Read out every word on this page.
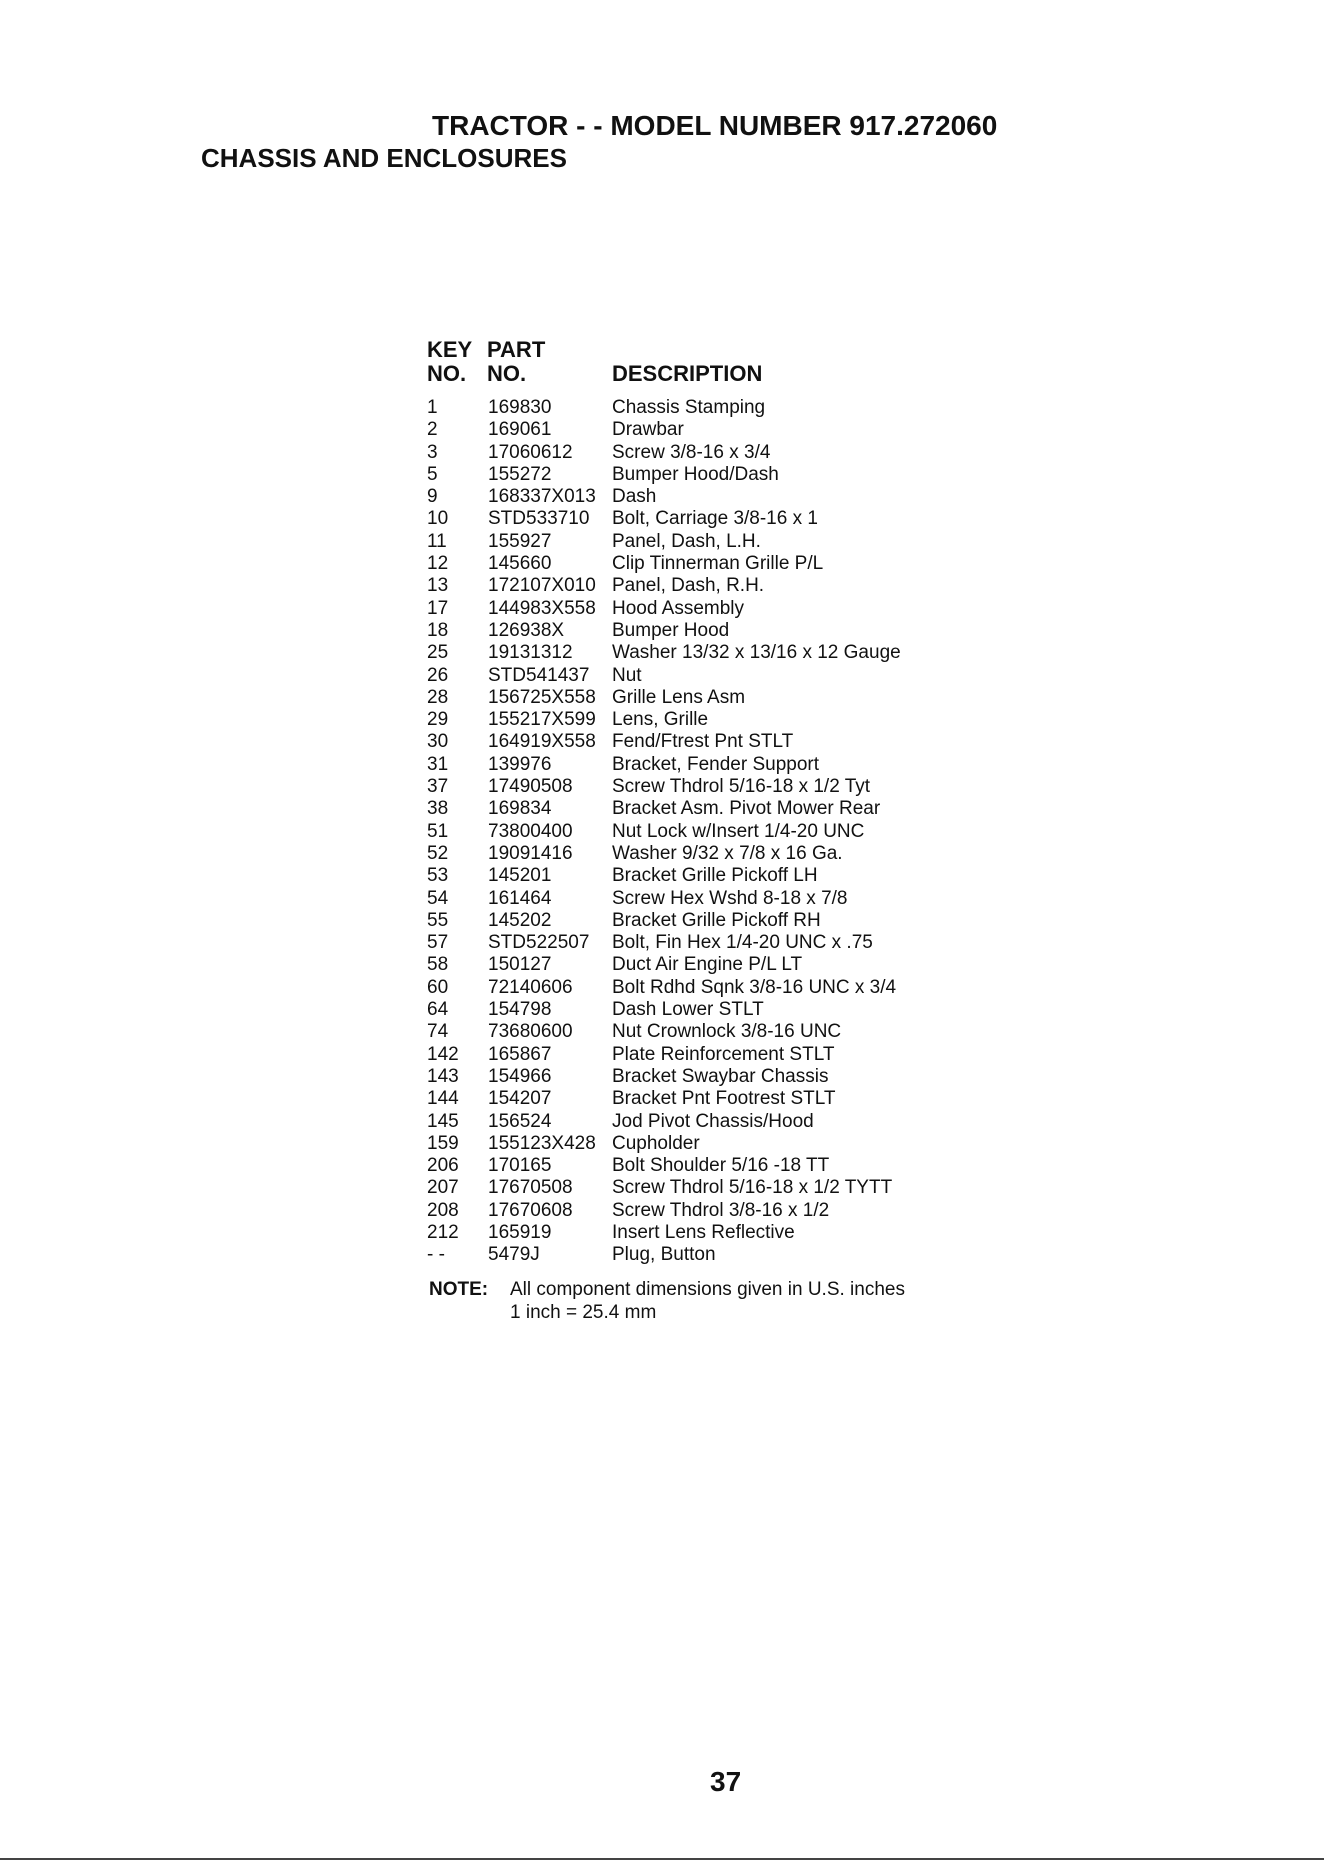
TRACTOR - - MODEL NUMBER 917.272060
CHASSIS AND ENCLOSURES
KEY
NO.
PART
NO.	DESCRIPTION
1	169830	Chassis Stamping
2	169061	Drawbar
3	17060612 Screw 3/8-16 x 3/4
5	155272	Bumper Hood/Dash
9	168337X013 Dash
10 STD533710 Bolt, Carriage 3/8-16 x 1
11 155927	Panel, Dash, L.H.
12 145660	Clip Tinnerman Grille P/L
13 172107X010 Panel, Dash, R.H.
17 144983X558 Hood Assembly
18 126938X	Bumper Hood
25 19131312 Washer 13/32 x 13/16 x 12 Gauge
26 STD541437 Nut
28 156725X558 Grille Lens Asm
29 155217X599 Lens, Grille
30 164919X558 Fend/Ftrest Pnt STLT
31 139976	Bracket, Fender Support
37 17490508 Screw Thdrol 5/16-18 x 1/2 Tyt
38 169834	Bracket Asm. Pivot Mower Rear
51 73800400 Nut Lock w/Insert 1/4-20 UNC
52 19091416 Washer 9/32 x 7/8 x 16 Ga.
53 145201	Bracket Grille Pickoff LH
54 161464	Screw Hex Wshd 8-18 x 7/8
55 145202	Bracket Grille Pickoff RH
57 STD522507 Bolt, Fin Hex 1/4-20 UNC x .75
58 150127	Duct Air Engine P/L LT
60 72140606 Bolt Rdhd Sqnk 3/8-16 UNC x 3/4
64 154798	Dash Lower STLT
74 73680600 Nut Crownlock 3/8-16 UNC
142 165867	Plate Reinforcement STLT
143 154966	Bracket Swaybar Chassis
144 154207	Bracket Pnt Footrest STLT
145 156524	Jod Pivot Chassis/Hood
159 155123X428 Cupholder
206 170165	Bolt Shoulder 5/16 -18 TT
207 17670508 Screw Thdrol 5/16-18 x 1/2 TYTT
208 17670608 Screw Thdrol 3/8-16 x 1/2
212 165919	Insert Lens Reflective
- - 5479J	Plug, Button
NOTE: All component dimensions given in U.S. inches
1 inch = 25.4 mm
37
